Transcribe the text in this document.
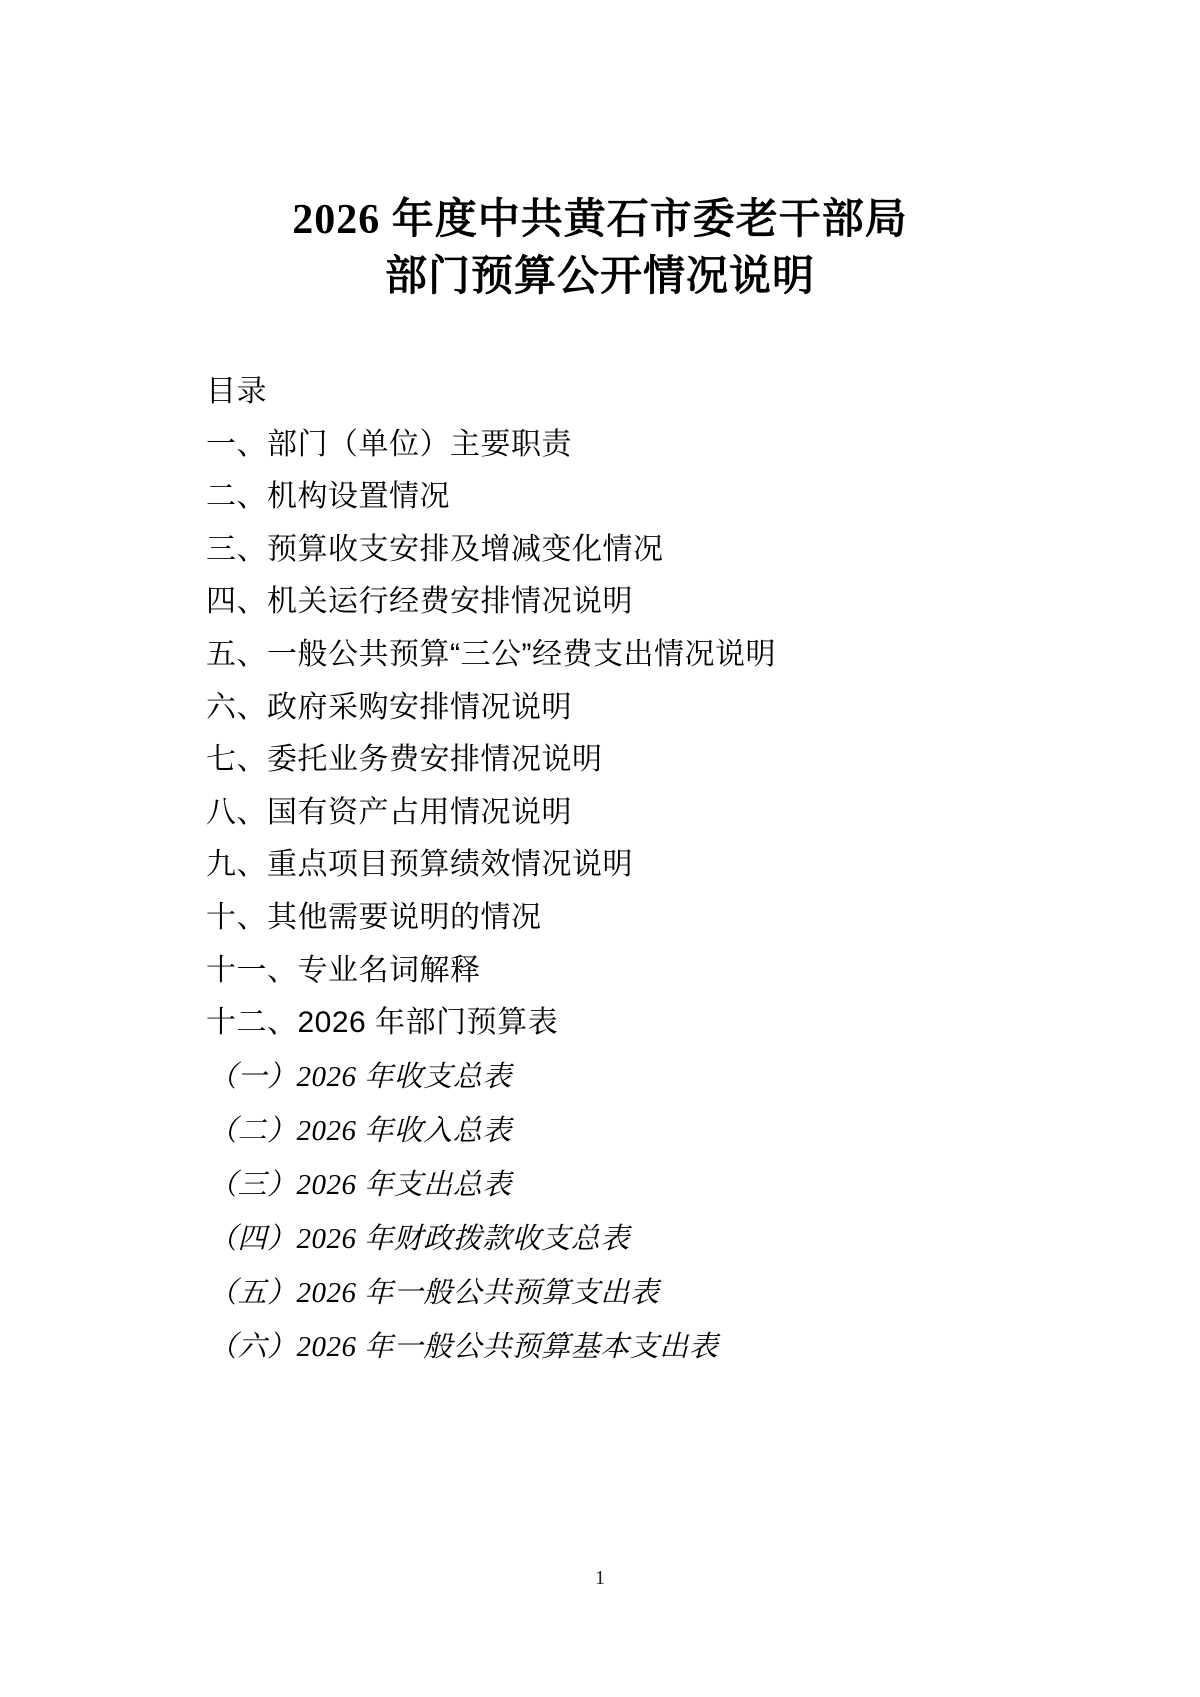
2026 年度中共黄石市委老干部局
部门预算公开情况说明

目录

一、部门（单位）主要职责

二、机构设置情况

三、预算收支安排及增减变化情况

四、机关运行经费安排情况说明

五、一般公共预算“三公”经费支出情况说明

六、政府采购安排情况说明

七、委托业务费安排情况说明

八、国有资产占用情况说明

九、重点项目预算绩效情况说明

十、其他需要说明的情况

十一、专业名词解释

十二、2026 年部门预算表

（一）2026 年收支总表

（二）2026 年收入总表

（三）2026 年支出总表

（四）2026 年财政拨款收支总表

（五）2026 年一般公共预算支出表

（六）2026 年一般公共预算基本支出表

1
